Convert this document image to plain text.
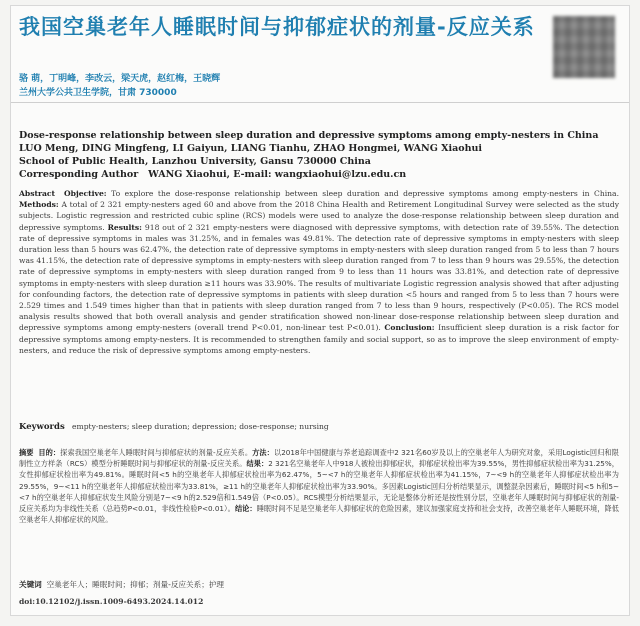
我国空巢老年人睡眠时间与抑郁症状的剂量-反应关系
骆 萌，丁明峰，李改云，梁天虎，赵红梅，王晓辉
兰州大学公共卫生学院，甘肃 730000
Dose-response relationship between sleep duration and depressive symptoms among empty-nesters in China
LUO Meng, DING Mingfeng, LI Gaiyun, LIANG Tianhu, ZHAO Hongmei, WANG Xiaohui
School of Public Health, Lanzhou University, Gansu 730000 China
Corresponding Author WANG Xiaohui, E-mail: wangxiaohui@lzu.edu.cn
Abstract Objective: To explore the dose-response relationship between sleep duration and depressive symptoms among empty-nesters in China. Methods: A total of 2 321 empty-nesters aged 60 and above from the 2018 China Health and Retirement Longitudinal Survey were selected as the study subjects. Logistic regression and restricted cubic spline (RCS) models were used to analyze the dose-response relationship between sleep duration and depressive symptoms. Results: 918 out of 2 321 empty-nesters were diagnosed with depressive symptoms, with detection rate of 39.55%. The detection rate of depressive symptoms in males was 31.25%, and in females was 49.81%. The detection rate of depressive symptoms in empty-nesters with sleep duration less than 5 hours was 62.47%, the detection rate of depressive symptoms in empty-nesters with sleep duration ranged from 5 to less than 7 hours was 41.15%, the detection rate of depressive symptoms in empty-nesters with sleep duration ranged from 7 to less than 9 hours was 29.55%, the detection rate of depressive symptoms in empty-nesters with sleep duration ranged from 9 to less than 11 hours was 33.81%, and detection rate of depressive symptoms in empty-nesters with sleep duration ≥11 hours was 33.90%. The results of multivariate Logistic regression analysis showed that after adjusting for confounding factors, the detection rate of depressive symptoms in patients with sleep duration <5 hours and ranged from 5 to less than 7 hours were 2.529 times and 1.549 times higher than that in patients with sleep duration ranged from 7 to less than 9 hours, respectively (P<0.05). The RCS model analysis results showed that both overall analysis and gender stratification showed non-linear dose-response relationship between sleep duration and depressive symptoms among empty-nesters (overall trend P<0.01, non-linear test P<0.01). Conclusion: Insufficient sleep duration is a risk factor for depressive symptoms among empty-nesters. It is recommended to strengthen family and social support, so as to improve the sleep environment of empty-nesters, and reduce the risk of depressive symptoms among empty-nesters.
Keywords empty-nesters; sleep duration; depression; dose-response; nursing
摘要 目的：探索我国空巢老年人睡眠时间与抑郁症状的剂量-反应关系。方法：以2018年中国健康与养老追踪调查中2 321名60岁及以上的空巢老年人为研究对象，采用Logistic回归和限制性立方样条（RCS）模型分析睡眠时间与抑郁症状的剂量-反应关系。结果：2 321名空巢老年人中918人被检出抑郁症状，抑郁症状检出率为39.55%，男性抑郁症状检出率为31.25%，女性抑郁症状检出率为49.81%。睡眠时间<5 h的空巢老年人抑郁症状检出率为62.47%，5~<7 h的空巢老年人抑郁症状检出率为41.15%，7~<9 h的空巢老年人抑郁症状检出率为29.55%，9~<11 h的空巢老年人抑郁症状检出率为33.81%，≥11 h的空巢老年人抑郁症状检出率为33.90%。多因素Logistic回归分析结果显示，调整混杂因素后，睡眠时间<5 h和5~<7 h的空巢老年人抑郁症状发生风险分别是7~<9 h的2.529倍和1.549倍（P<0.05）。RCS模型分析结果显示，无论是整体分析还是按性别分层，空巢老年人睡眠时间与抑郁症状的剂量-反应关系均为非线性关系（总趋势P<0.01，非线性检验P<0.01）。结论：睡眠时间不足是空巢老年人抑郁症状的危险因素，建议加强家庭支持和社会支持，改善空巢老年人睡眠环境，降低空巢老年人抑郁症状的风险。
关键词 空巢老年人；睡眠时间；抑郁；剂量-反应关系；护理
doi:10.12102/j.issn.1009-6493.2024.14.012
